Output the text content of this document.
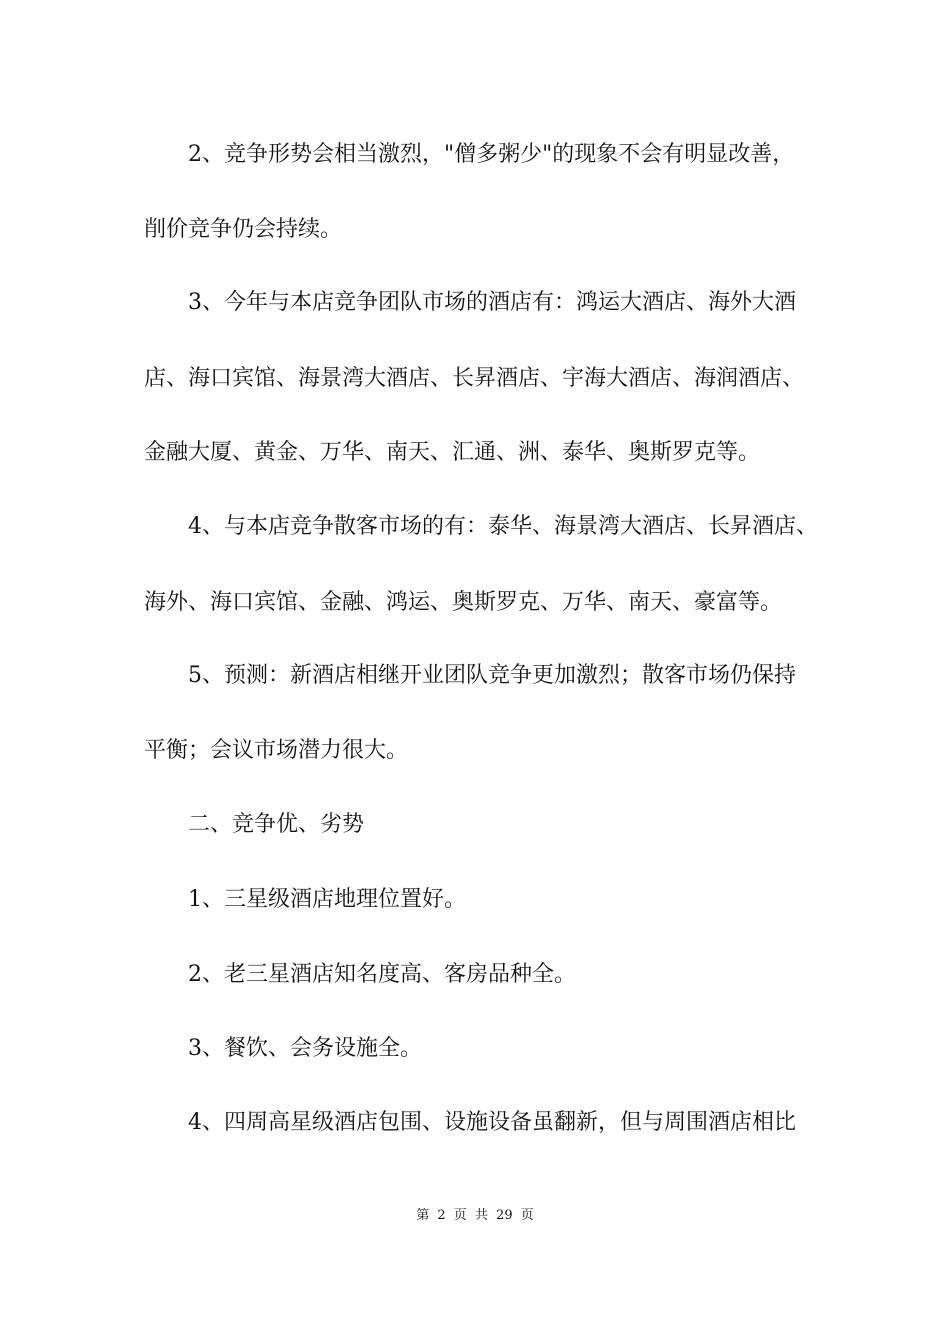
2、竞争形势会相当激烈，"僧多粥少"的现象不会有明显改善，
削价竞争仍会持续。
3、今年与本店竞争团队市场的酒店有：鸿运大酒店、海外大酒
店、海口宾馆、海景湾大酒店、长昇酒店、宇海大酒店、海润酒店、
金融大厦、黄金、万华、南天、汇通、洲、泰华、奥斯罗克等。
4、与本店竞争散客市场的有：泰华、海景湾大酒店、长昇酒店、
海外、海口宾馆、金融、鸿运、奥斯罗克、万华、南天、豪富等。
5、预测：新酒店相继开业团队竞争更加激烈；散客市场仍保持
平衡；会议市场潜力很大。
二、竞争优、劣势
1、三星级酒店地理位置好。
2、老三星酒店知名度高、客房品种全。
3、餐饮、会务设施全。
4、四周高星级酒店包围、设施设备虽翻新，但与周围酒店相比
第 2 页 共 29 页
